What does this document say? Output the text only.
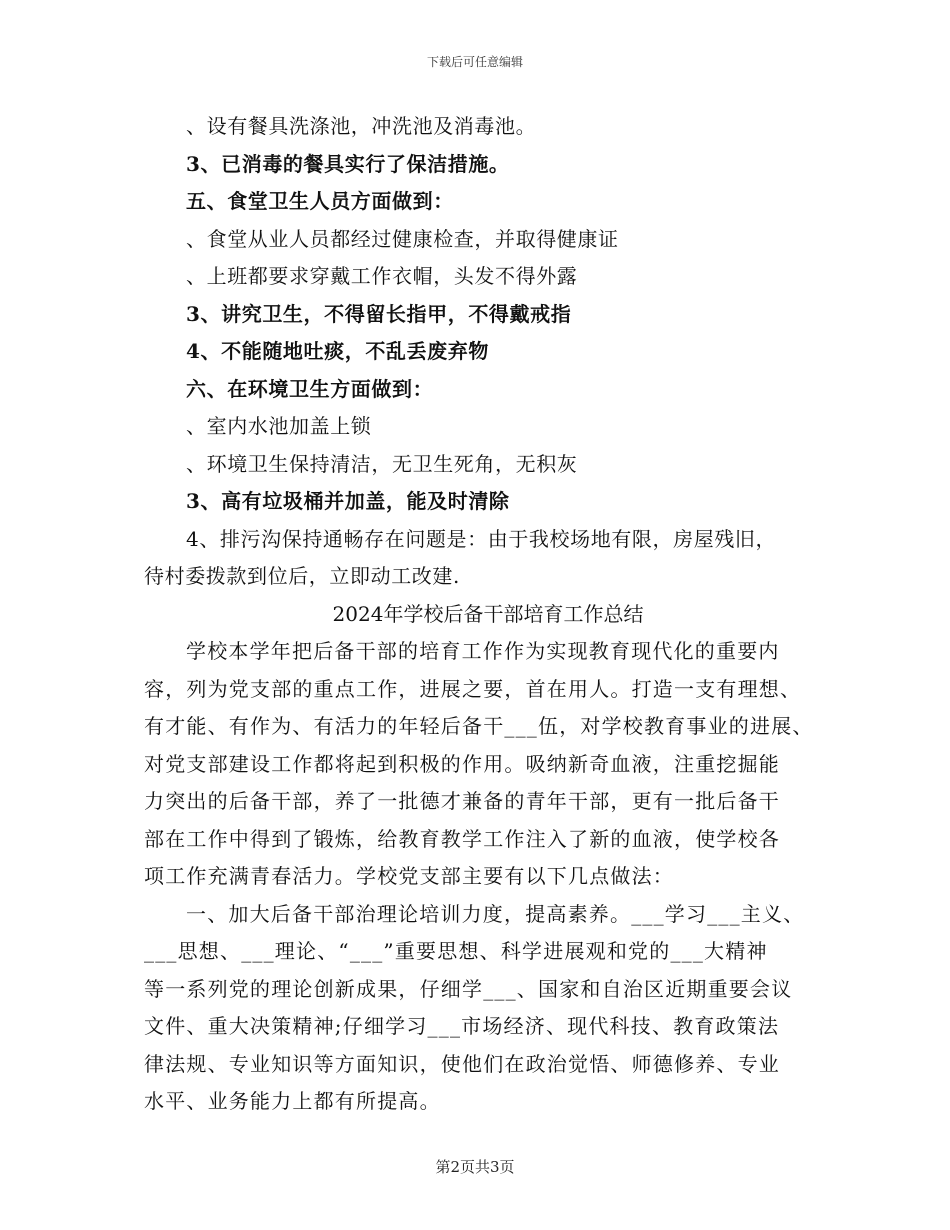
下载后可任意编辑
、设有餐具洗涤池，冲洗池及消毒池。
3、已消毒的餐具实行了保洁措施。
五、食堂卫生人员方面做到：
、食堂从业人员都经过健康检查，并取得健康证
、上班都要求穿戴工作衣帽，头发不得外露
3、讲究卫生，不得留长指甲，不得戴戒指
4、不能随地吐痰，不乱丢废弃物
六、在环境卫生方面做到：
、室内水池加盖上锁
、环境卫生保持清洁，无卫生死角，无积灰
3、高有垃圾桶并加盖，能及时清除
4、排污沟保持通畅存在问题是：由于我校场地有限，房屋残旧，
待村委拨款到位后，立即动工改建.
2024年学校后备干部培育工作总结
学校本学年把后备干部的培育工作作为实现教育现代化的重要内
容，列为党支部的重点工作，进展之要，首在用人。打造一支有理想、
有才能、有作为、有活力的年轻后备干___伍，对学校教育事业的进展、
对党支部建设工作都将起到积极的作用。吸纳新奇血液，注重挖掘能
力突出的后备干部，养了一批德才兼备的青年干部，更有一批后备干
部在工作中得到了锻炼，给教育教学工作注入了新的血液，使学校各
项工作充满青春活力。学校党支部主要有以下几点做法：
一、加大后备干部治理论培训力度，提高素养。___学习___主义、
___思想、___理论、“___”重要思想、科学进展观和党的___大精神
等一系列党的理论创新成果，仔细学___、国家和自治区近期重要会议
文件、重大决策精神;仔细学习___市场经济、现代科技、教育政策法
律法规、专业知识等方面知识，使他们在政治觉悟、师德修养、专业
水平、业务能力上都有所提高。
第2页共3页
